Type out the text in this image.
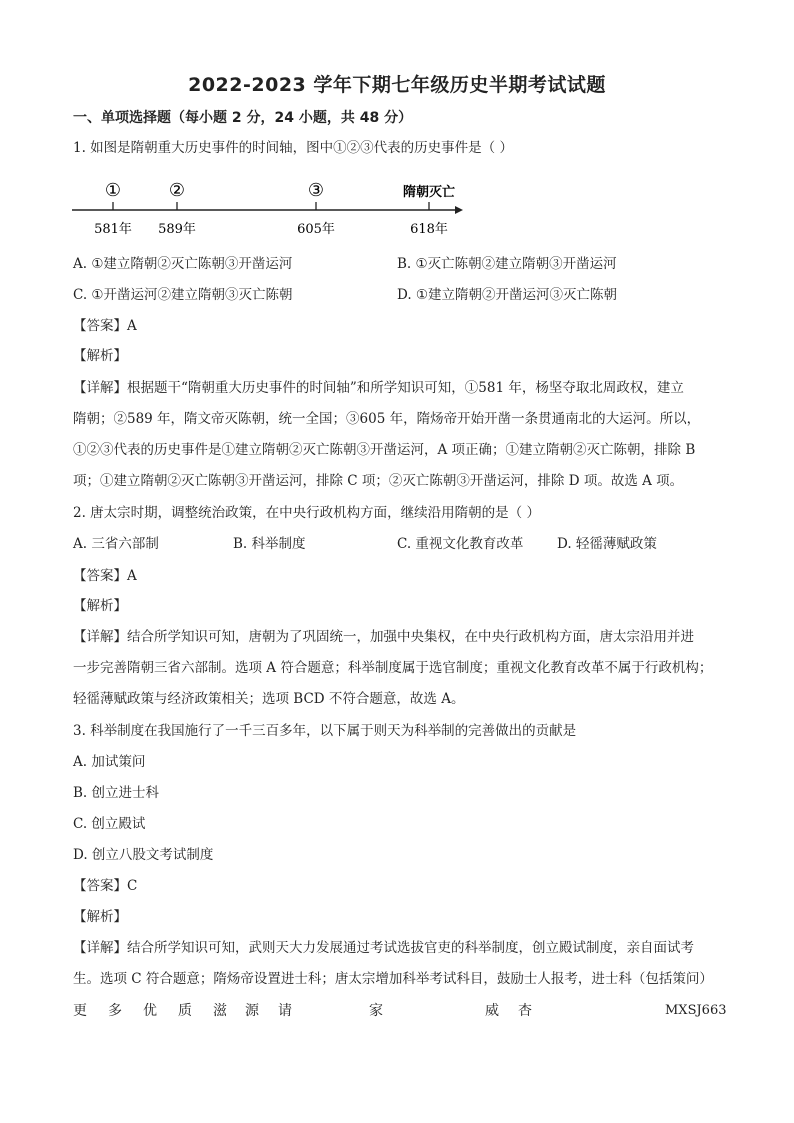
2022-2023 学年下期七年级历史半期考试试题
一、单项选择题（每小题 2 分，24 小题，共 48 分）
1. 如图是隋朝重大历史事件的时间轴，图中①②③代表的历史事件是（ ）
①	②	③	隋朝灭亡
581年 589年	605年	618年
A. ①建立隋朝②灭亡陈朝③开凿运河	B. ①灭亡陈朝②建立隋朝③开凿运河
C. ①开凿运河②建立隋朝③灭亡陈朝	D. ①建立隋朝②开凿运河③灭亡陈朝
【答案】A
【解析】
【详解】根据题干“隋朝重大历史事件的时间轴”和所学知识可知，①581 年，杨坚夺取北周政权，建立
隋朝；②589 年，隋文帝灭陈朝，统一全国；③605 年，隋炀帝开始开凿一条贯通南北的大运河。所以，
①②③代表的历史事件是①建立隋朝②灭亡陈朝③开凿运河，A 项正确；①建立隋朝②灭亡陈朝，排除 B
项；①建立隋朝②灭亡陈朝③开凿运河，排除 C 项；②灭亡陈朝③开凿运河，排除 D 项。故选 A 项。
2. 唐太宗时期，调整统治政策，在中央行政机构方面，继续沿用隋朝的是（ ）
A. 三省六部制	B. 科举制度	C. 重视文化教育改革 D. 轻徭薄赋政策
【答案】A
【解析】
【详解】结合所学知识可知，唐朝为了巩固统一，加强中央集权，在中央行政机构方面，唐太宗沿用并进
一步完善隋朝三省六部制。选项 A 符合题意；科举制度属于选官制度；重视文化教育改革不属于行政机构；
轻徭薄赋政策与经济政策相关；选项 BCD 不符合题意，故选 A。
3. 科举制度在我国施行了一千三百多年，以下属于则天为科举制的完善做出的贡献是
A. 加试策问
B. 创立进士科
C. 创立殿试
D. 创立八股文考试制度
【答案】C
【解析】
【详解】结合所学知识可知，武则天大力发展通过考试选拔官吏的科举制度，创立殿试制度，亲自面试考
生。选项 C 符合题意；隋炀帝设置进士科；唐太宗增加科举考试科目，鼓励士人报考，进士科（包括策问）
更 多 优 质 滋 源 请	家	威 杏	MXSJ663
